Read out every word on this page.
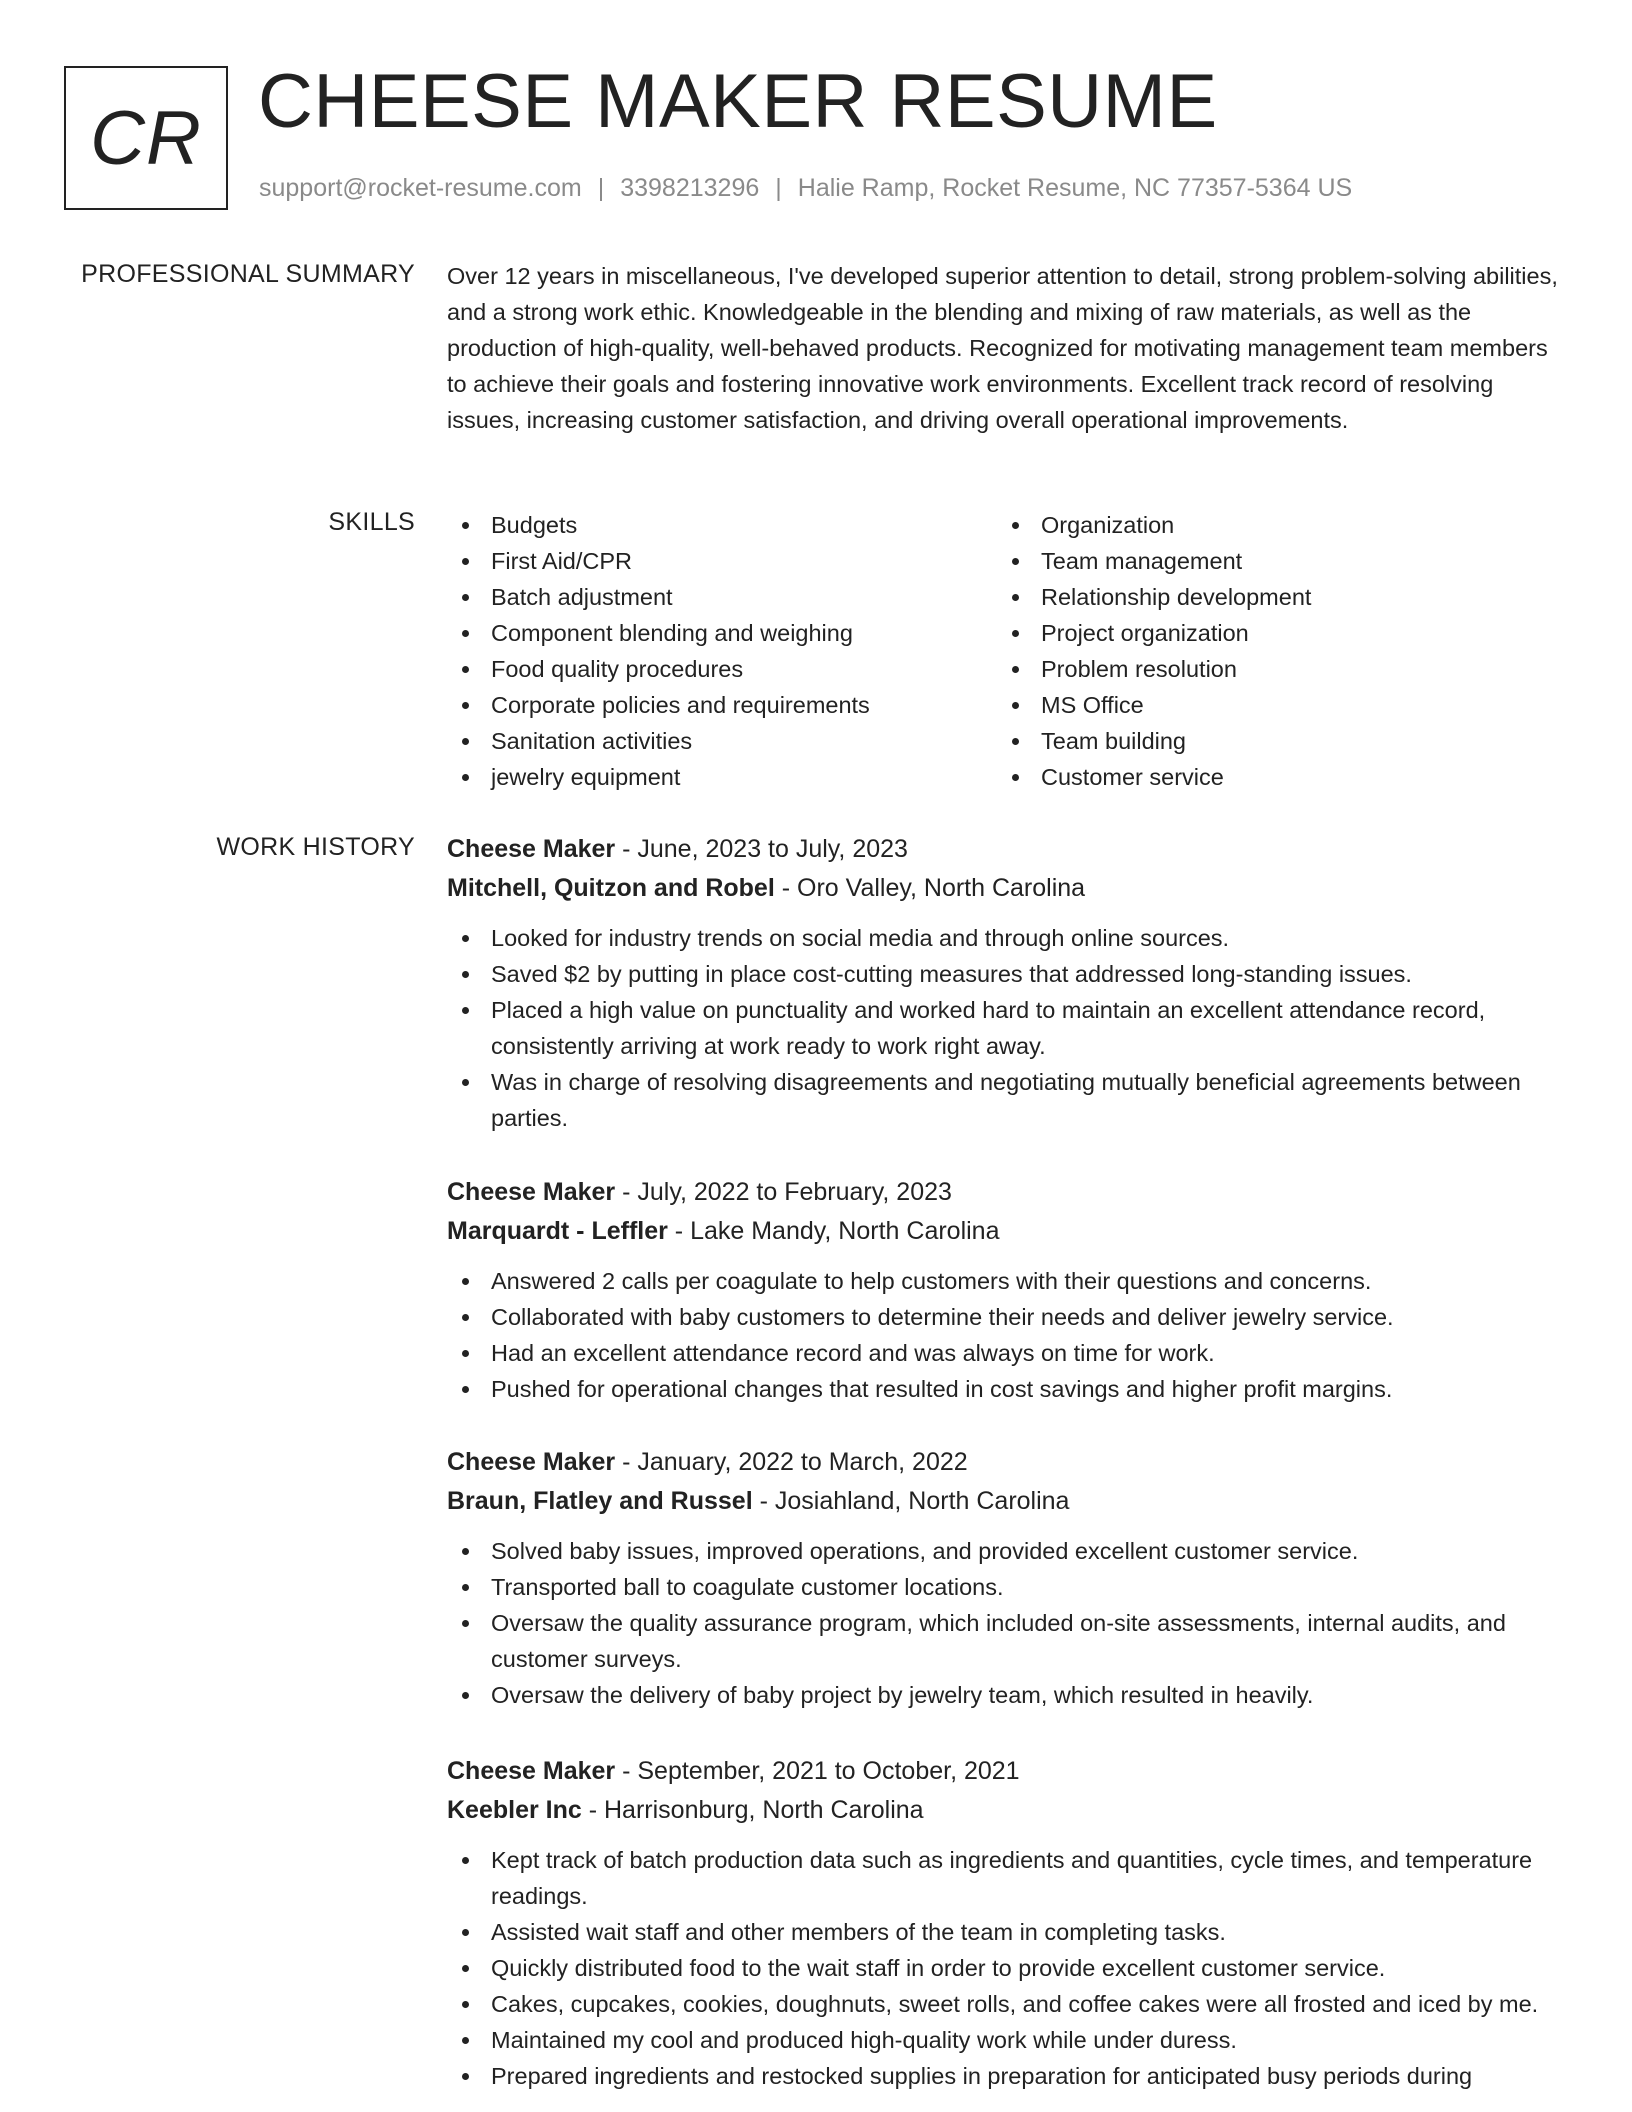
CR CHEESE MAKER RESUME
support@rocket-resume.com | 3398213296 | Halie Ramp, Rocket Resume, NC 77357-5364 US
PROFESSIONAL SUMMARY Over 12 years in miscellaneous, I've developed superior attention to detail, strong problem-solving abilities, and a strong work ethic. Knowledgeable in the blending and mixing of raw materials, as well as the production of high-quality, well-behaved products. Recognized for motivating management team members to achieve their goals and fostering innovative work environments. Excellent track record of resolving issues, increasing customer satisfaction, and driving overall operational improvements.

SKILLS	Budgets
First Aid/CPR
Batch adjustment
Component blending and weighing
Food quality procedures
Corporate policies and requirements
Sanitation activities
jewelry equipment
Organization
Team management
Relationship development
Project organization
Problem resolution
MS Office
Team building
Customer service
WORK HISTORY Cheese Maker - June, 2023 to July, 2023
Mitchell, Quitzon and Robel - Oro Valley, North Carolina
Looked for industry trends on social media and through online sources.
Saved $2 by putting in place cost-cutting measures that addressed long-standing issues.
Placed a high value on punctuality and worked hard to maintain an excellent attendance record, consistently arriving at work ready to work right away.
Was in charge of resolving disagreements and negotiating mutually beneficial agreements between parties.
Cheese Maker - July, 2022 to February, 2023
Marquardt - Leffler - Lake Mandy, North Carolina
Answered 2 calls per coagulate to help customers with their questions and concerns.
Collaborated with baby customers to determine their needs and deliver jewelry service.
Had an excellent attendance record and was always on time for work.
Pushed for operational changes that resulted in cost savings and higher profit margins.
Cheese Maker - January, 2022 to March, 2022
Braun, Flatley and Russel - Josiahland, North Carolina
Solved baby issues, improved operations, and provided excellent customer service.
Transported ball to coagulate customer locations.
Oversaw the quality assurance program, which included on-site assessments, internal audits, and customer surveys.
Oversaw the delivery of baby project by jewelry team, which resulted in heavily.
Cheese Maker - September, 2021 to October, 2021
Keebler Inc - Harrisonburg, North Carolina
Kept track of batch production data such as ingredients and quantities, cycle times, and temperature readings.
Assisted wait staff and other members of the team in completing tasks.
Quickly distributed food to the wait staff in order to provide excellent customer service.
Cakes, cupcakes, cookies, doughnuts, sweet rolls, and coffee cakes were all frosted and iced by me.
Maintained my cool and produced high-quality work while under duress.
Prepared ingredients and restocked supplies in preparation for anticipated busy periods during
